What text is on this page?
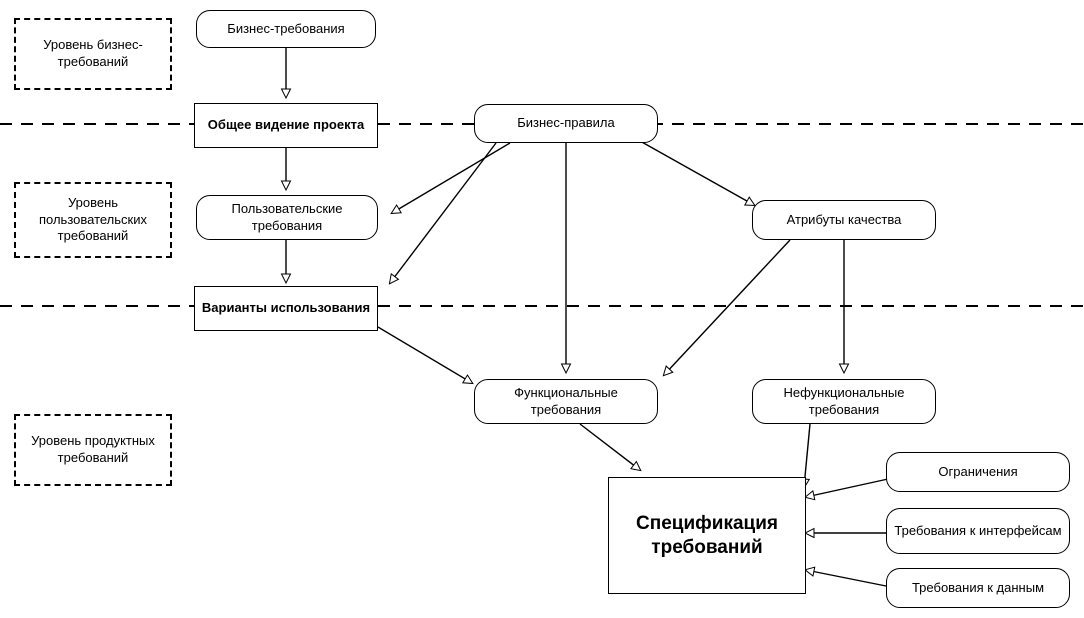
Уровень бизнес-требований
Уровень пользовательских требований
Уровень продуктных требований
Бизнес-требования
Общее видение проекта	Бизнес-правила
Пользовательские требования	Атрибуты качества
Варианты использования
Функциональные требования
Нефункциональные требования
Спецификация требований
Ограничения
Требования к интерфейсам
Требования к данным
